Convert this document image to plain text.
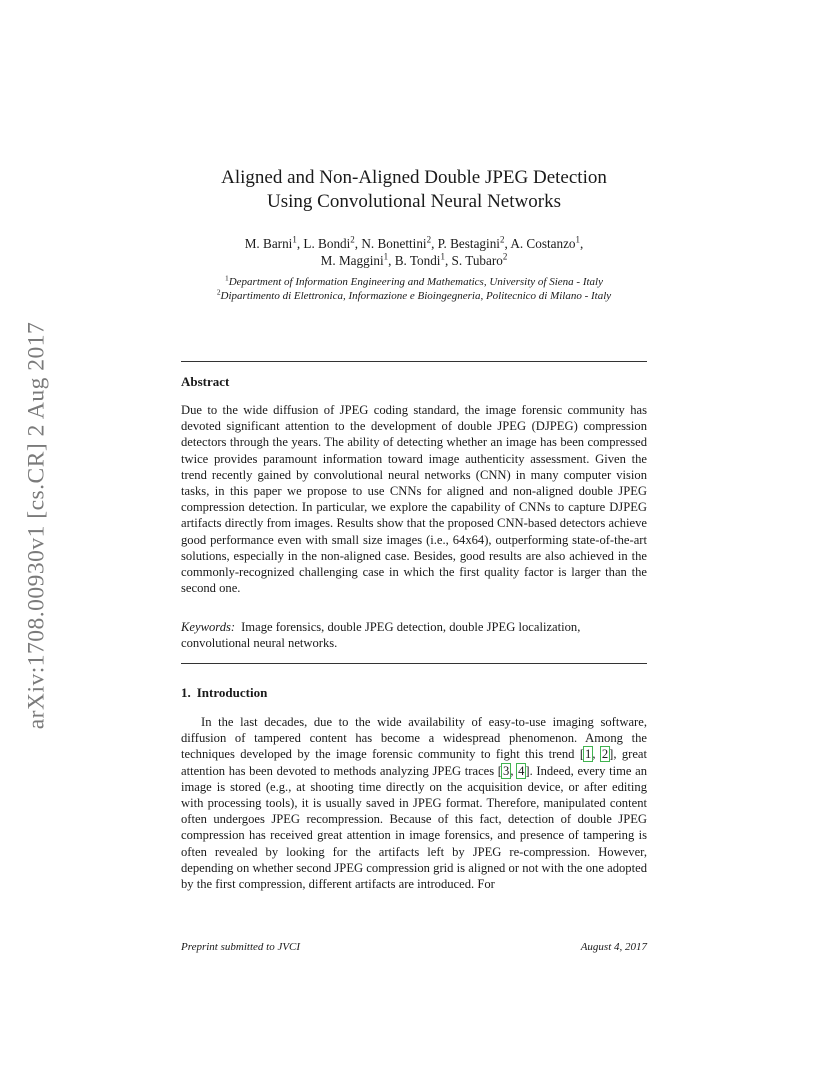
arXiv:1708.00930v1 [cs.CR] 2 Aug 2017
Aligned and Non-Aligned Double JPEG Detection
Using Convolutional Neural Networks
M. Barni$^1$, L. Bondi$^2$, N. Bonettini$^2$, P. Bestagini$^2$, A. Costanzo$^1$,
M. Maggini$^1$, B. Tondi$^1$, S. Tubaro$^2$
$^1$Department of Information Engineering and Mathematics, University of Siena - Italy
$^2$Dipartimento di Elettronica, Informazione e Bioingegneria, Politecnico di Milano - Italy
Abstract

Due to the wide diffusion of JPEG coding standard, the image forensic community has devoted significant attention to the development of double JPEG (DJPEG) compression detectors through the years. The ability of detecting whether an image has been compressed twice provides paramount information toward image authenticity assessment. Given the trend recently gained by convolutional neural networks (CNN) in many computer vision tasks, in this paper we propose to use CNNs for aligned and non-aligned double JPEG compression detection. In particular, we explore the capability of CNNs to capture DJPEG artifacts directly from images. Results show that the proposed CNN-based detectors achieve good performance even with small size images (i.e., 64x64), outperforming state-of-the-art solutions, especially in the non-aligned case. Besides, good results are also achieved in the commonly-recognized challenging case in which the first quality factor is larger than the second one.

Keywords: Image forensics, double JPEG detection, double JPEG localization, convolutional neural networks.

1. Introduction

In the last decades, due to the wide availability of easy-to-use imaging software, diffusion of tampered content has become a widespread phenomenon. Among the techniques developed by the image forensic community to fight this trend [1, 2], great attention has been devoted to methods analyzing JPEG traces [3, 4]. Indeed, every time an image is stored (e.g., at shooting time directly on the acquisition device, or after editing with processing tools), it is usually saved in JPEG format. Therefore, manipulated content often undergoes JPEG recompression. Because of this fact, detection of double JPEG compression has received great attention in image forensics, and presence of tampering is often revealed by looking for the artifacts left by JPEG re-compression. However, depending on whether second JPEG compression grid is aligned or not with the one adopted by the first compression, different artifacts are introduced. For

Preprint submitted to JVCI	August 4, 2017
